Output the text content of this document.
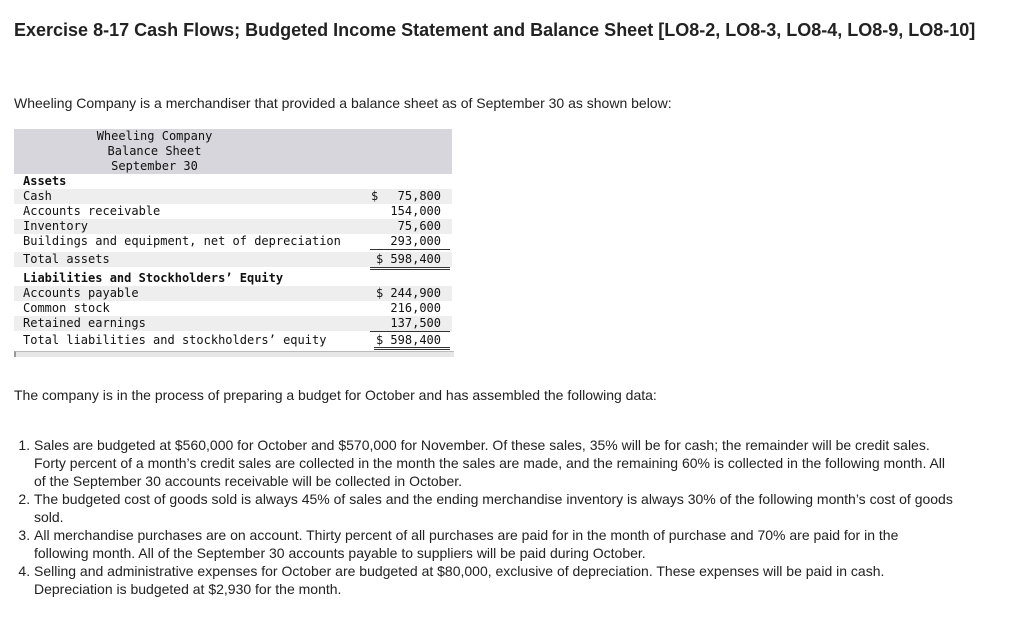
Exercise 8-17 Cash Flows; Budgeted Income Statement and Balance Sheet [LO8-2, LO8-3, LO8-4, LO8-9, LO8-10]
Wheeling Company is a merchandiser that provided a balance sheet as of September 30 as shown below:
Wheeling Company
Balance Sheet
September 30
Assets
Cash	$	75,800
Accounts receivable	154,000
Inventory	75,600
Buildings and equipment, net of depreciation	293,000
Total assets	$ 598,400
Liabilities and Stockholders’ Equity
Accounts payable	$ 244,900
Common stock	216,000
Retained earnings	137,500
Total liabilities and stockholders’ equity	$ 598,400
The company is in the process of preparing a budget for October and has assembled the following data:
1. Sales are budgeted at $560,000 for October and $570,000 for November. Of these sales, 35% will be for cash; the remainder will be credit sales. Forty percent of a month’s credit sales are collected in the month the sales are made, and the remaining 60% is collected in the following month. All of the September 30 accounts receivable will be collected in October.
2. The budgeted cost of goods sold is always 45% of sales and the ending merchandise inventory is always 30% of the following month’s cost of goods sold.
3. All merchandise purchases are on account. Thirty percent of all purchases are paid for in the month of purchase and 70% are paid for in the following month. All of the September 30 accounts payable to suppliers will be paid during October.
4. Selling and administrative expenses for October are budgeted at $80,000, exclusive of depreciation. These expenses will be paid in cash. Depreciation is budgeted at $2,930 for the month.
